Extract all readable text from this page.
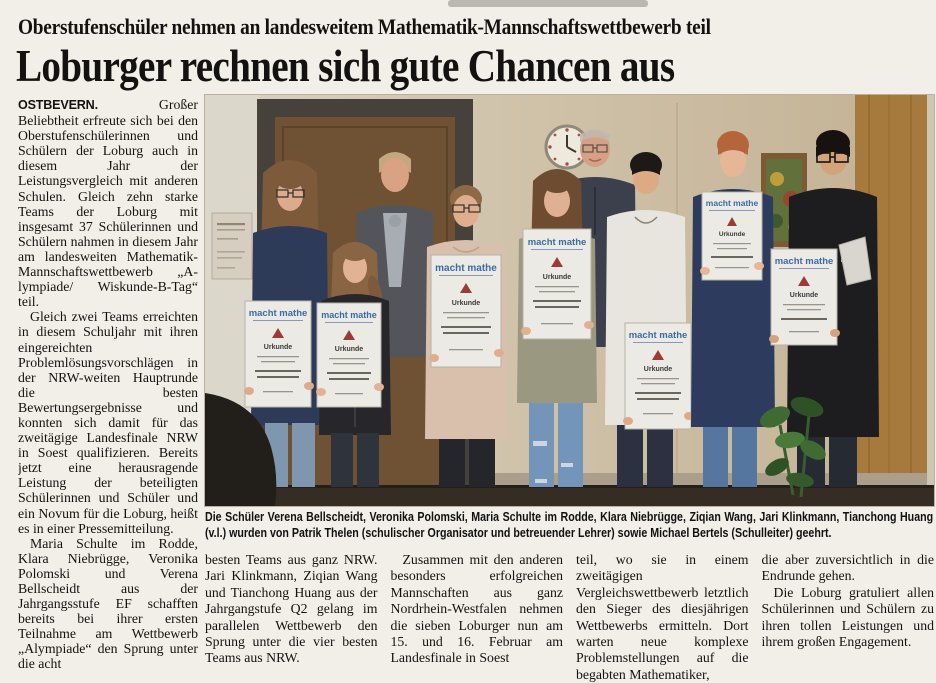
Oberstufenschüler nehmen an landesweitem Mathematik-Mannschaftswettbewerb teil
Loburger rechnen sich gute Chancen aus

OSTBEVERN.	Großer Beliebtheit erfreute sich bei den Oberstufenschülerinnen und Schülern der Loburg auch in diesem Jahr der Leistungsvergleich mit anderen Schulen. Gleich zehn starke Teams der Loburg mit insgesamt 37 Schülerinnen und Schülern nahmen in diesem Jahr am landesweiten Mathematik-Mannschaftswettbewerb „A-lympiade/ Wiskunde-B-Tag“ teil.

Gleich zwei Teams erreichten in diesem Schuljahr mit ihren eingereichten Problemlösungsvorschlägen in der NRW-weiten Hauptrunde die besten Bewertungsergebnisse und konnten sich damit für das zweitägige Landesfinale NRW in Soest qualifizieren. Bereits jetzt eine herausragende Leistung der beteiligten Schülerinnen und Schüler und ein Novum für die Loburg, heißt es in einer Pressemitteilung.

Maria Schulte im Rodde, Klara Niebrügge, Veronika Polomski und Verena Bellscheidt aus der Jahrgangsstufe EF schafften bereits bei ihrer ersten Teilnahme am Wettbewerb „Alympiade“ den Sprung unter die acht

macht mathe
Urkunde
macht mathe
Urkunde
macht mathe
Urkunde
macht mathe
Urkunde
macht mathe
Urkunde
macht mathe
Urkunde
macht mathe
Urkunde

Die Schüler Verena Bellscheidt, Veronika Polomski, Maria Schulte im Rodde, Klara Niebrügge, Ziqian Wang, Jari Klinkmann, Tianchong Huang (v.l.) wurden von Patrik Thelen (schulischer Organisator und betreuender Lehrer) sowie Michael Bertels (Schulleiter) geehrt.

besten Teams aus ganz NRW. Jari Klinkmann, Ziqian Wang und Tianchong Huang aus der Jahrgangstufe Q2 gelang im parallelen Wettbewerb den Sprung unter die vier besten Teams aus NRW.

Zusammen mit den anderen besonders erfolgreichen Mannschaften aus ganz Nordrhein-Westfalen nehmen die sieben Loburger nun am 15. und 16. Februar am Landesfinale in Soest

teil, wo sie in einem zweitägigen Vergleichswettbewerb letztlich den Sieger des diesjährigen Wettbewerbs ermitteln. Dort warten neue komplexe Problemstellungen auf die begabten Mathematiker,

die aber zuversichtlich in die Endrunde gehen.

Die Loburg gratuliert allen Schülerinnen und Schülern zu ihren tollen Leistungen und ihrem großen Engagement.
